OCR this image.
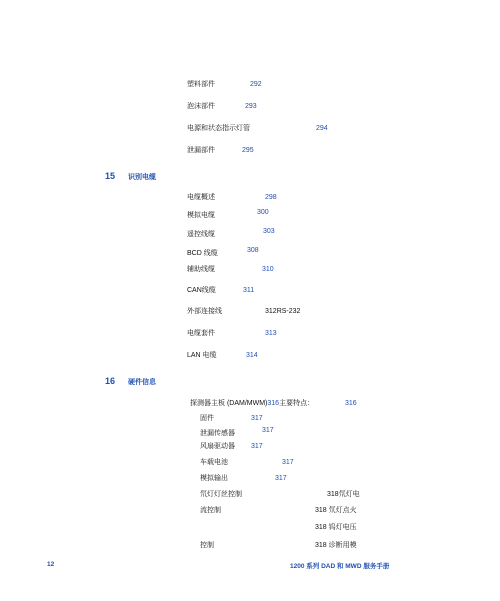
塑料部件	292
泡沫部件	293
电源和状态指示灯管	294
泄漏部件	295
15 识别电缆
电缆概述	298
模拟电缆	300
遥控线缆	303
BCD 线缆	308
辅助线缆	310
CAN线缆	311
外部连接线	312RS-232
电缆套件	313
LAN 电缆	314
16 硬件信息
探测器主板 (DAM/MWM)316主要特点：	316
固件	317
泄漏传感器	317
风扇驱动器 317
车载电池	317
模拟输出	317
氘灯灯丝控制	318氘灯电
流控制	318 氘灯点火
318 钨灯电压
控制	318 诊断用模
12	1200 系列 DAD 和 MWD 服务手册
